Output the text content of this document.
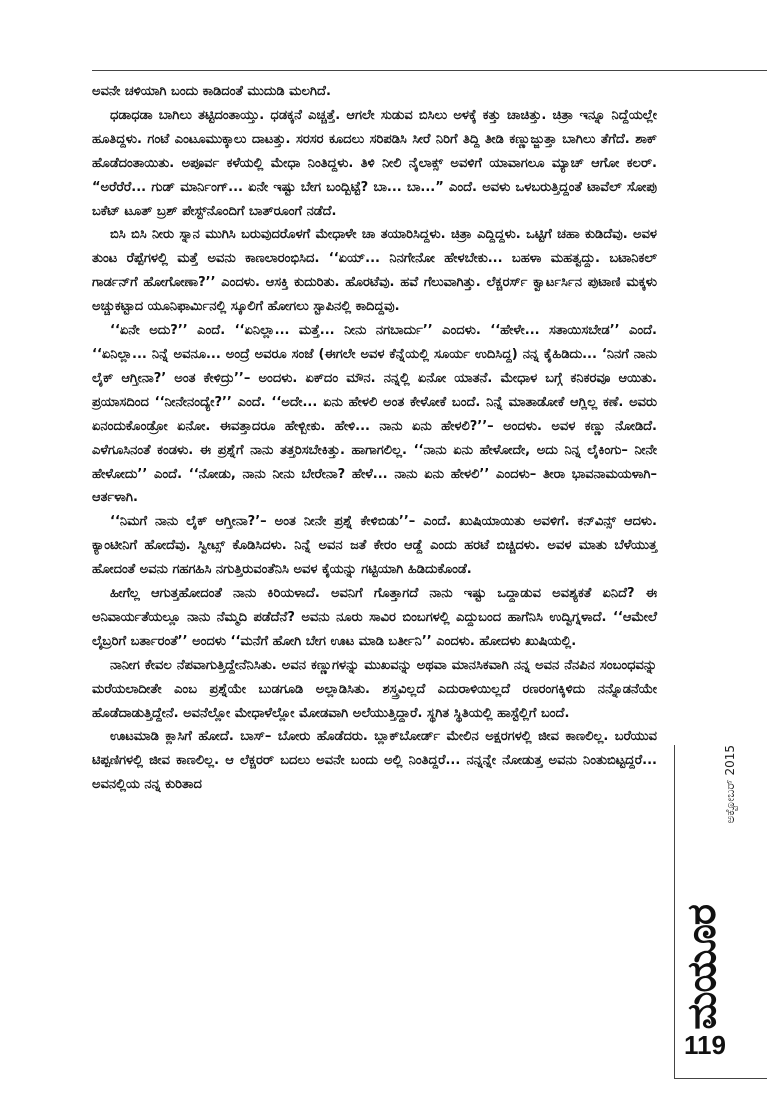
ಅವನೇ ಚಳಿಯಾಗಿ ಬಂದು ಕಾಡಿದಂತೆ ಮುದುಡಿ ಮಲಗಿದೆ.

ಧಡಾಧಡಾ ಬಾಗಿಲು ತಟ್ಟಿದಂತಾಯ್ತು. ಧಡಕ್ಕನೆ ಎಚ್ಚತ್ತೆ. ಆಗಲೇ ಸುಡುವ ಬಿಸಿಲು ಅಳಕ್ಕೆ ಕತ್ತು ಚಾಚಿತ್ತು. ಚಿತ್ರಾ ಇನ್ನೂ ನಿದ್ದೆಯಲ್ಲೇ ಹೂತಿದ್ದಳು. ಗಂಟೆ ಎಂಟೂಮುಕ್ಕಾಲು ದಾಟತ್ತು. ಸರಸರ ಕೂದಲು ಸರಿಪಡಿಸಿ ಸೀರೆ ನಿರಿಗೆ ತಿದ್ದಿ ತೀಡಿ ಕಣ್ಣುಜ್ಜುತ್ತಾ ಬಾಗಿಲು ತೆಗೆದೆ. ಶಾಕ್ ಹೊಡೆದಂತಾಯಿತು. ಅಪೂರ್ವ ಕಳೆಯಲ್ಲಿ ಮೇಧಾ ನಿಂತಿದ್ದಳು. ತಿಳಿ ನೀಲಿ ನೈಲಾಕ್ಸ್ ಅವಳಿಗೆ ಯಾವಾಗಲೂ ಮ್ಯಾಚ್ ಆಗೋ ಕಲರ್. “ಅರೆರೆರೆ... ಗುಡ್ ಮಾರ್ನಿಂಗ್... ಏನೇ ಇಷ್ಟು ಬೇಗ ಬಂದ್ಬಿಟ್ಟೆ? ಬಾ... ಬಾ...” ಎಂದೆ. ಅವಳು ಒಳಬರುತ್ತಿದ್ದಂತೆ ಟಾವೆಲ್ ಸೋಪು ಬಕೆಟ್ ಟೂತ್ ಬ್ರಶ್ ಪೇಸ್ಟ್‌ನೊಂದಿಗೆ ಬಾತ್‌ರೂಂಗೆ ನಡೆದೆ.

ಬಿಸಿ ಬಿಸಿ ನೀರು ಸ್ನಾನ ಮುಗಿಸಿ ಬರುವುದರೊಳಗೆ ಮೇಧಾಳೇ ಚಾ ತಯಾರಿಸಿದ್ದಳು. ಚಿತ್ರಾ ಎದ್ದಿದ್ದಳು. ಒಟ್ಟಿಗೆ ಚಹಾ ಕುಡಿದೆವು. ಅವಳ ತುಂಟ ರೆಪ್ಪೆಗಳಲ್ಲಿ ಮತ್ತೆ ಅವನು ಕಾಣಲಾರಂಭಿಸಿದ. ‘‘ಏಯ್... ನಿನಗೇನೋ ಹೇಳಬೇಕು... ಬಹಳಾ ಮಹತ್ವದ್ದು. ಬಟಾನಿಕಲ್ ಗಾರ್ಡನ್‌ಗೆ ಹೋಗೋಣಾ?’’ ಎಂದಳು. ಆಸಕ್ತಿ ಕುದುರಿತು. ಹೊರಟೆವು. ಹವೆ ಗೆಲುವಾಗಿತ್ತು. ಲೆಕ್ಚರರ್ಸ್ ಕ್ವಾರ್ಟರ್ಸಿನ ಪುಟಾಣಿ ಮಕ್ಕಳು ಅಚ್ಚುಕಟ್ಟಾದ ಯೂನಿಫಾರ್ಮಿನಲ್ಲಿ ಸ್ಕೂಲಿಗೆ ಹೋಗಲು ಸ್ಟಾಪಿನಲ್ಲಿ ಕಾದಿದ್ದವು.

‘‘ಏನೇ ಅದು?’’ ಎಂದೆ. ‘‘ಏನಿಲ್ಲಾ... ಮತ್ತೆ... ನೀನು ನಗಬಾರ್ದು’’ ಎಂದಳು. ‘‘ಹೇಳೇ... ಸತಾಯಿಸಬೇಡ’’ ಎಂದೆ. ‘‘ಏನಿಲ್ಲಾ... ನಿನ್ನೆ ಅವನೂ... ಅಂದ್ರೆ ಅವರೂ ಸಂಜೆ (ಈಗಲೇ ಅವಳ ಕೆನ್ನೆಯಲ್ಲಿ ಸೂರ್ಯ ಉದಿಸಿದ್ದ) ನನ್ನ ಕೈಹಿಡಿದು... ‘ನಿನಗೆ ನಾನು ಲೈಕ್ ಆಗ್ತೀನಾ?’ ಅಂತ ಕೇಳಿದ್ರು’’– ಅಂದಳು. ಏಕ್‌ದಂ ಮೌನ. ನನ್ನಲ್ಲಿ ಏನೋ ಯಾತನೆ. ಮೇಧಾಳ ಬಗ್ಗೆ ಕನಿಕರವೂ ಆಯಿತು. ಪ್ರಯಾಸದಿಂದ ‘‘ನೀನೇನಂದ್ಯೇ?’’ ಎಂದೆ. ‘‘ಅದೇ... ಏನು ಹೇಳಲಿ ಅಂತ ಕೇಳೋಕೆ ಬಂದೆ. ನಿನ್ನೆ ಮಾತಾಡೋಕೆ ಆಗ್ಲಿಲ್ಲ ಕಣೆ. ಅವರು ಏನಂದುಕೊಂಡ್ರೋ ಏನೋ. ಈವತ್ತಾದರೂ ಹೇಳ್ಬೀಕು. ಹೇಳಿ... ನಾನು ಏನು ಹೇಳಲಿ?’’– ಅಂದಳು. ಅವಳ ಕಣ್ಣು ನೋಡಿದೆ. ಎಳೆಗೂಸಿನಂತೆ ಕಂಡಳು. ಈ ಪ್ರಶ್ನೆಗೆ ನಾನು ತತ್ತರಿಸಬೇಕಿತ್ತು. ಹಾಗಾಗಲಿಲ್ಲ. ‘‘ನಾನು ಏನು ಹೇಳೋದೇ, ಅದು ನಿನ್ನ ಲೈಕಿಂಗು– ನೀನೇ ಹೇಳೋದು’’ ಎಂದೆ. ‘‘ನೋಡು, ನಾನು ನೀನು ಬೇರೇನಾ? ಹೇಳೆ... ನಾನು ಏನು ಹೇಳಲಿ’’ ಎಂದಳು– ತೀರಾ ಭಾವನಾಮಯಳಾಗಿ– ಆರ್ತಳಾಗಿ.

‘‘ನಿಮಗೆ ನಾನು ಲೈಕ್ ಆಗ್ತೀನಾ?’– ಅಂತ ನೀನೇ ಪ್ರಶ್ನೆ ಕೇಳಿಬಿಡು’’– ಎಂದೆ. ಖುಷಿಯಾಯಿತು ಅವಳಿಗೆ. ಕನ್‌ವಿನ್ಸ್ ಆದಳು. ಕ್ಯಾಂಟೀನಿಗೆ ಹೋದೆವು. ಸ್ವೀಟ್ಸ್ ಕೊಡಿಸಿದಳು. ನಿನ್ನೆ ಅವನ ಜತೆ ಕೇರಂ ಆಡ್ದೆ ಎಂದು ಹರಟೆ ಬಿಚ್ಚಿದಳು. ಅವಳ ಮಾತು ಬೆಳೆಯುತ್ತ ಹೋದಂತೆ ಅವನು ಗಹಗಹಿಸಿ ನಗುತ್ತಿರುವಂತೆನಿಸಿ ಅವಳ ಕೈಯನ್ನು ಗಟ್ಟಿಯಾಗಿ ಹಿಡಿದುಕೊಂಡೆ.

ಹೀಗೆಲ್ಲ ಆಗುತ್ತಹೋದಂತೆ ನಾನು ಕಿರಿಯಳಾದೆ. ಅವನಿಗೆ ಗೊತ್ತಾಗದೆ ನಾನು ಇಷ್ಟು ಒದ್ದಾಡುವ ಅವಶ್ಯಕತೆ ಏನಿದೆ? ಈ ಅನಿವಾರ್ಯತೆಯಲ್ಲೂ ನಾನು ನೆಮ್ಮದಿ ಪಡೆದೆನೆ? ಅವನು ನೂರು ಸಾವಿರ ಬಿಂಬಗಳಲ್ಲಿ ಎದ್ದುಬಂದ ಹಾಗೆನಿಸಿ ಉದ್ವಿಗ್ನಳಾದೆ. ‘‘ಆಮೇಲೆ ಲೈಬ್ರರಿಗೆ ಬರ್ತಾರಂತೆ’’ ಅಂದಳು ‘‘ಮನೆಗೆ ಹೋಗಿ ಬೇಗ ಊಟ ಮಾಡಿ ಬರ್ತೀನಿ’’ ಎಂದಳು. ಹೋದಳು ಖುಷಿಯಲ್ಲಿ.

ನಾನೀಗ ಕೇವಲ ನೆಪವಾಗುತ್ತಿದ್ದೇನೆನಿಸಿತು. ಅವನ ಕಣ್ಣುಗಳನ್ನು ಮುಖವನ್ನು ಅಥವಾ ಮಾನಸಿಕವಾಗಿ ನನ್ನ ಅವನ ನೆನಪಿನ ಸಂಬಂಧವನ್ನು ಮರೆಯಲಾದೀತೇ ಎಂಬ ಪ್ರಶ್ನೆಯೇ ಬುಡಗೂಡಿ ಅಲ್ಲಾಡಿಸಿತು. ಶಸ್ತ್ರವಿಲ್ಲದೆ ಎದುರಾಳಿಯಿಲ್ಲದೆ ರಣರಂಗಕ್ಕಿಳಿದು ನನ್ನೊಡನೆಯೇ ಹೊಡೆದಾಡುತ್ತಿದ್ದೇನೆ. ಅವನೆಲ್ಲೋ ಮೇಧಾಳೆಲ್ಲೋ ಮೋಡವಾಗಿ ಅಲೆಯುತ್ತಿದ್ದಾರೆ. ಸ್ಥಗಿತ ಸ್ಥಿತಿಯಲ್ಲಿ ಹಾಸ್ಟೆಲ್ಲಿಗೆ ಬಂದೆ.

ಊಟಮಾಡಿ ಕ್ಲಾಸಿಗೆ ಹೋದೆ. ಬಾಸ್– ಬೋರು ಹೊಡೆದರು. ಬ್ಲಾಕ್‌ಬೋರ್ಡ್ ಮೇಲಿನ ಅಕ್ಷರಗಳಲ್ಲಿ ಜೀವ ಕಾಣಲಿಲ್ಲ. ಬರೆಯುವ ಟಿಪ್ಪಣಿಗಳಲ್ಲಿ ಜೀವ ಕಾಣಲಿಲ್ಲ. ಆ ಲೆಕ್ಚರರ್ ಬದಲು ಅವನೇ ಬಂದು ಅಲ್ಲಿ ನಿಂತಿದ್ದರೆ... ನನ್ನನ್ನೇ ನೋಡುತ್ತ ಅವನು ನಿಂತುಬಿಟ್ಟದ್ದರೆ... ಅವನಲ್ಲಿಯ ನನ್ನ ಕುರಿತಾದ	ಅಕ್ಟೋಬರ್ 2015
ಮಯೂರ
119
